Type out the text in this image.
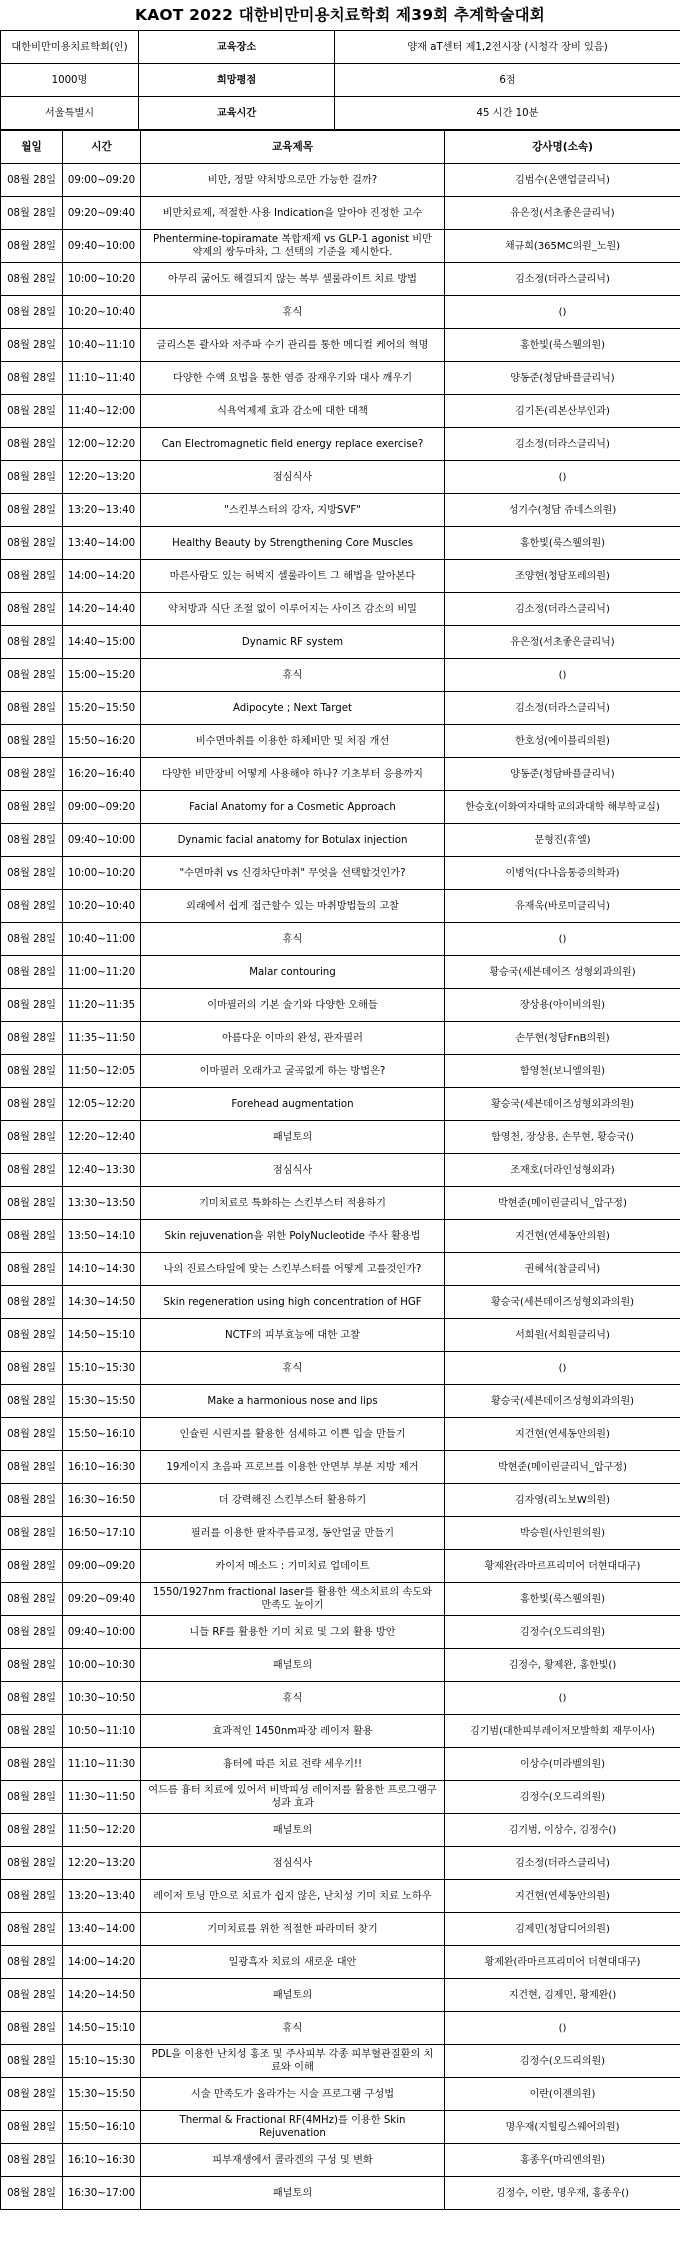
KAOT 2022 대한비만미용치료학회 제39회 추계학술대회
대한비만미용치료학회(인)	교육장소	양재 aT센터 제1,2전시장 (시청각 장비 있음)
1000명	희망평점	6점
서울특별시	교육시간	45 시간 10분
월일	시간	교육제목	강사명(소속)
08월 28일	09:00~09:20	비만, 정말 약처방으로만 가능한 걸까?	김범수(온앤업클리닉)
08월 28일	09:20~09:40	비만치료제, 적절한 사용 Indication을 알아야 진정한 고수	유은정(서초좋은클리닉)
08월 28일	09:40~10:00	Phentermine-topiramate 복합제제 vs GLP-1 agonist 비만 약제의 쌍두마차, 그 선택의 기준을 제시한다.	채규희(365MC의원_노원)
08월 28일	10:00~10:20	아무리 굶어도 해결되지 않는 복부 셀룰라이트 치료 방법	김소정(더라스클리닉)
08월 28일	10:20~10:40	휴식	()
08월 28일	10:40~11:10	글리스톤 괄사와 저주파 수기 관리를 통한 메디컬 케어의 혁명	홍한빛(룩스웰의원)
08월 28일	11:10~11:40	다양한 수액 요법을 통한 염증 잠재우기와 대사 깨우기	양동준(청담바플클리닉)
08월 28일	11:40~12:00	식욕억제제 효과 감소에 대한 대책	김기돈(리본산부인과)
08월 28일	12:00~12:20	Can Electromagnetic field energy replace exercise?	김소정(더라스클리닉)
08월 28일	12:20~13:20	점심식사	()
08월 28일	13:20~13:40	"스킨부스터의 강자, 지방SVF"	성기수(청담 쥬네스의원)
08월 28일	13:40~14:00	Healthy Beauty by Strengthening Core Muscles	홍한빛(룩스웰의원)
08월 28일	14:00~14:20	마른사람도 있는 허벅지 셀룰라이트 그 해법을 알아본다	조양현(청담포레의원)
08월 28일	14:20~14:40	약처방과 식단 조절 없이 이루어지는 사이즈 감소의 비밀	김소정(더라스클리닉)
08월 28일	14:40~15:00	Dynamic RF system	유은정(서초좋은클리닉)
08월 28일	15:00~15:20	휴식	()
08월 28일	15:20~15:50	Adipocyte ; Next Target	김소정(더라스클리닉)
08월 28일	15:50~16:20	비수면마취를 이용한 하체비만 및 처짐 개선	한호성(에이블리의원)
08월 28일	16:20~16:40	다양한 비만장비 어떻게 사용해야 하나? 기초부터 응용까지	양동준(청담바플클리닉)
08월 28일	09:00~09:20	Facial Anatomy for a Cosmetic Approach	한승호(이화여자대학교의과대학 해부학교실)
08월 28일	09:40~10:00	Dynamic facial anatomy for Botulax injection	문형진(휴엘)
08월 28일	10:00~10:20	"수면마취 vs 신경차단마취" 무엇을 선택할것인가?	이병억(다나음통증의학과)
08월 28일	10:20~10:40	외래에서 쉽게 접근할수 있는 마취방법들의 고찰	유재욱(바로미클리닉)
08월 28일	10:40~11:00	휴식	()
08월 28일	11:00~11:20	Malar contouring	황승국(세븐데이즈 성형외과의원)
08월 28일	11:20~11:35	이마필러의 기본 술기와 다양한 오해들	장상용(아이비의원)
08월 28일	11:35~11:50	아름다운 이마의 완성, 관자필러	손무현(청담FnB의원)
08월 28일	11:50~12:05	이마필러 오래가고 굴곡없게 하는 방법은?	함영천(보니엘의원)
08월 28일	12:05~12:20	Forehead augmentation	황승국(세븐데이즈성형외과의원)
08월 28일	12:20~12:40	패널토의	함영천, 장상용, 손무현, 황승국()
08월 28일	12:40~13:30	점심식사	조재호(더라인성형외과)
08월 28일	13:30~13:50	기미치료로 특화하는 스킨부스터 적용하기	박현준(메이린클리닉_압구정)
08월 28일	13:50~14:10	Skin rejuvenation을 위한 PolyNucleotide 주사 활용법	지건현(연세동안의원)
08월 28일	14:10~14:30	나의 진료스타일에 맞는 스킨부스터를 어떻게 고를것인가?	권혜석(참클리닉)
08월 28일	14:30~14:50	Skin regeneration using high concentration of HGF	황승국(세븐데이즈성형외과의원)
08월 28일	14:50~15:10	NCTF의 피부효능에 대한 고찰	서희원(서희원클리닉)
08월 28일	15:10~15:30	휴식	()
08월 28일	15:30~15:50	Make a harmonious nose and lips	황승국(세븐데이즈성형외과의원)
08월 28일	15:50~16:10	인슐린 시린지를 활용한 섬세하고 이쁜 입술 만들기	지건현(연세동안의원)
08월 28일	16:10~16:30	19게이지 초음파 프로브를 이용한 안면부 부분 지방 제거	박현준(메이린클리닉_압구정)
08월 28일	16:30~16:50	더 강력해진 스킨부스터 활용하기	김자영(리노보W의원)
08월 28일	16:50~17:10	필러를 이용한 팔자주름교정, 동안얼굴 만들기	박승원(사인원의원)
08월 28일	09:00~09:20	카이저 메소드 : 기미치료 업데이트	황제완(라마르프리미어 더현대대구)
08월 28일	09:20~09:40	1550/1927nm fractional laser를 활용한 색소치료의 속도와 만족도 높이기	홍한빛(룩스웰의원)
08월 28일	09:40~10:00	니들 RF를 활용한 기미 치료 및 그외 활용 방안	김정수(오드리의원)
08월 28일	10:00~10:30	패널토의	김정수, 황제완, 홍한빛()
08월 28일	10:30~10:50	휴식	()
08월 28일	10:50~11:10	효과적인 1450nm파장 레이저 활용	김기범(대한피부레이저모발학회 재무이사)
08월 28일	11:10~11:30	흉터에 따른 치료 전략 세우기!!	이상수(미라벨의원)
08월 28일	11:30~11:50	여드름 흉터 치료에 있어서 비박피성 레이저를 활용한 프로그램구성과 효과	김정수(오드리의원)
08월 28일	11:50~12:20	패널토의	김기범, 이상수, 김정수()
08월 28일	12:20~13:20	점심식사	김소정(더라스클리닉)
08월 28일	13:20~13:40	레이저 토닝 만으로 치료가 쉽지 않은, 난치성 기미 치료 노하우	지건현(연세동안의원)
08월 28일	13:40~14:00	기미치료를 위한 적절한 파라미터 찾기	김제민(청담디어의원)
08월 28일	14:00~14:20	일광흑자 치료의 새로운 대안	황제완(라마르프리미어 더현대대구)
08월 28일	14:20~14:50	패널토의	지건현, 김제민, 황제완()
08월 28일	14:50~15:10	휴식	()
08월 28일	15:10~15:30	PDL을 이용한 난치성 홍조 및 주사피부 각종 피부혈관질환의 치료와 이해	김정수(오드리의원)
08월 28일	15:30~15:50	시술 만족도가 올라가는 시술 프로그램 구성법	이란(이젠의원)
08월 28일	15:50~16:10	Thermal & Fractional RF(4MHz)를 이용한 Skin Rejuvenation	명우재(지힐링스웨어의원)
08월 28일	16:10~16:30	피부재생에서 콜라겐의 구성 및 변화	홍종우(마리엔의원)
08월 28일	16:30~17:00	패널토의	김정수, 이란, 명우재, 홍종우()
